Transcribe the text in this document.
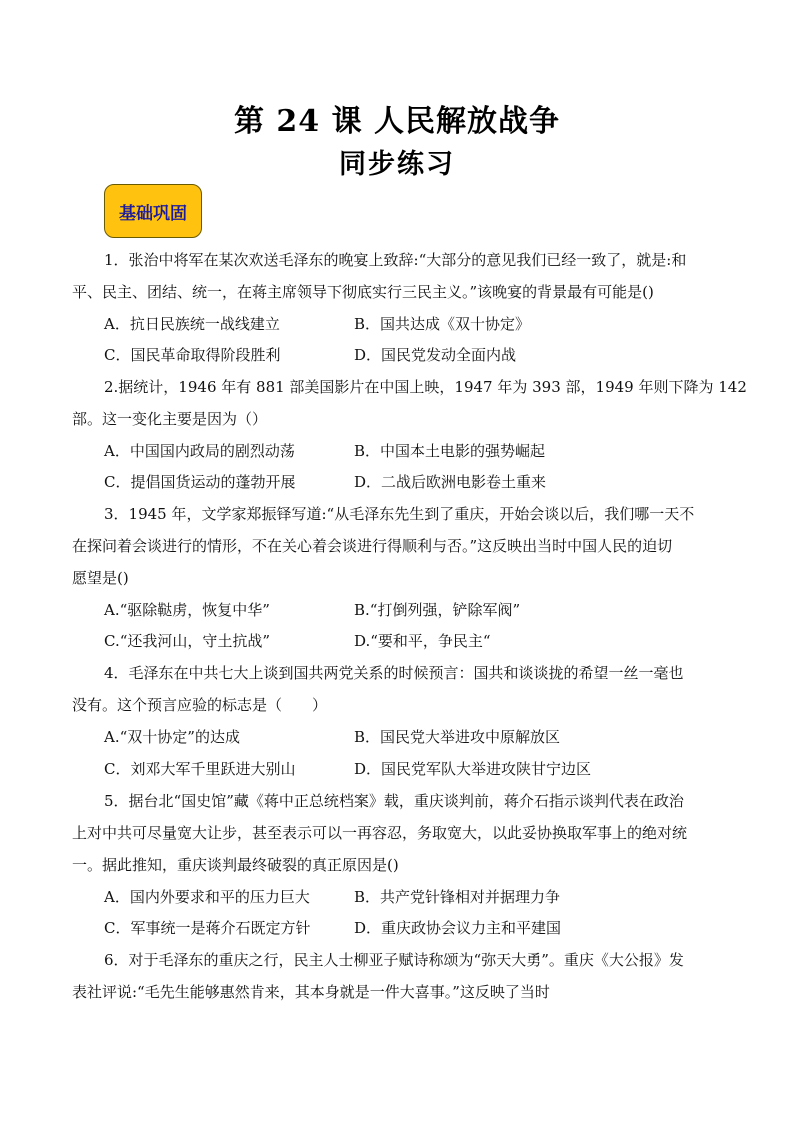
第 24 课 人民解放战争
同步练习
基础巩固
1．张治中将军在某次欢送毛泽东的晚宴上致辞:“大部分的意见我们已经一致了，就是:和
平、民主、团结、统一，在蒋主席领导下彻底实行三民主义。”该晚宴的背景最有可能是()
A．抗日民族统一战线建立	B．国共达成《双十协定》
C．国民革命取得阶段胜利	D．国民党发动全面内战
2.据统计，1946 年有 881 部美国影片在中国上映，1947 年为 393 部，1949 年则下降为 142
部。这一变化主要是因为（）
A．中国国内政局的剧烈动荡	B．中国本土电影的强势崛起
C．提倡国货运动的蓬勃开展	D．二战后欧洲电影卷土重来
3．1945 年，文学家郑振铎写道:“从毛泽东先生到了重庆，开始会谈以后，我们哪一天不
在探问着会谈进行的情形，不在关心着会谈进行得顺利与否。”这反映出当时中国人民的迫切
愿望是()
A.“驱除鞑虏，恢复中华”	B.“打倒列强，铲除军阀”
C.“还我河山，守土抗战”	D.“要和平，争民主“
4．毛泽东在中共七大上谈到国共两党关系的时候预言：国共和谈谈拢的希望一丝一毫也
没有。这个预言应验的标志是（　　）
A.“双十协定”的达成	B．国民党大举进攻中原解放区
C．刘邓大军千里跃进大别山	D．国民党军队大举进攻陕甘宁边区
5．据台北“国史馆”藏《蒋中正总统档案》载，重庆谈判前，蒋介石指示谈判代表在政治
上对中共可尽量宽大让步，甚至表示可以一再容忍，务取宽大，以此妥协换取军事上的绝对统
一。据此推知，重庆谈判最终破裂的真正原因是()
A．国内外要求和平的压力巨大	B．共产党针锋相对并据理力争
C．军事统一是蒋介石既定方针	D．重庆政协会议力主和平建国
6．对于毛泽东的重庆之行，民主人士柳亚子赋诗称颂为“弥天大勇”。重庆《大公报》发
表社评说:“毛先生能够惠然肯来，其本身就是一件大喜事。”这反映了当时
